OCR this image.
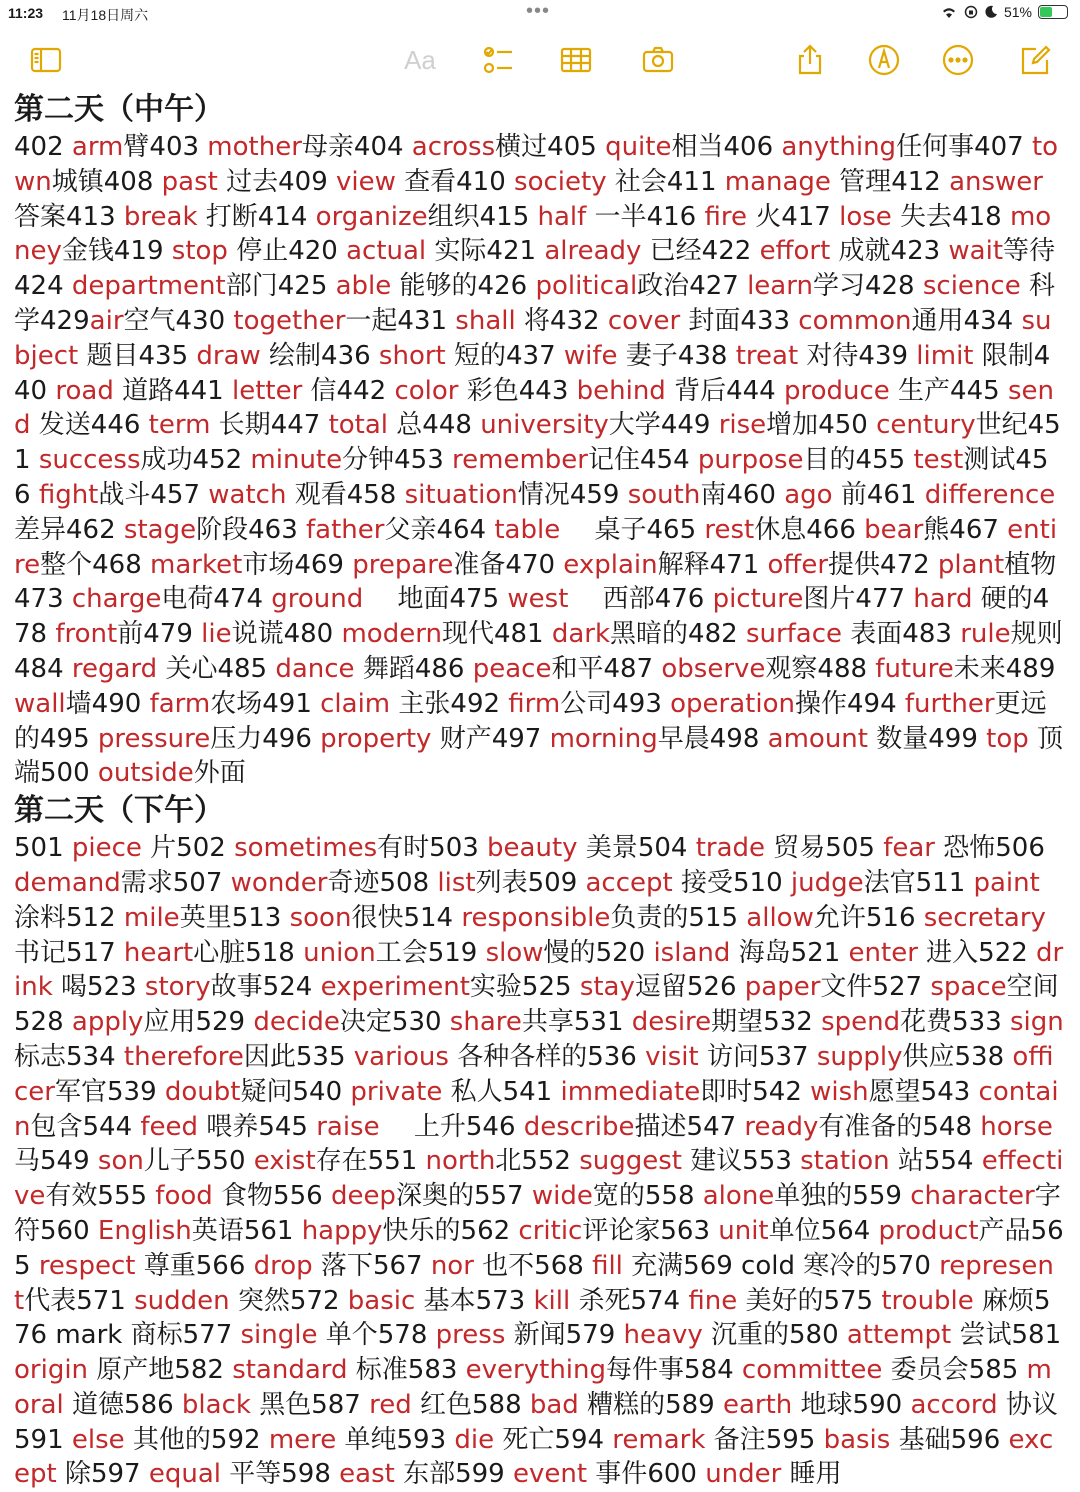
11:23 11月18日周六	•••	51%
Aa
第二天（中午）

402 arm臂403 mother母亲404 across横过405 quite相当406 anything任何事407 town城镇408 past 过去409 view 查看410 society 社会411 manage 管理412 answer 答案413 break 打断414 organize组织415 half 一半416 fire 火417 lose 失去418 money金钱419 stop 停止420 actual 实际421 already 已经422 effort 成就423 wait等待424 department部门425 able 能够的426 political政治427 learn学习428 science 科学429air空气430 together一起431 shall 将432 cover 封面433 common通用434 subject 题目435 draw 绘制436 short 短的437 wife 妻子438 treat 对待439 limit 限制440 road 道路441 letter 信442 color 彩色443 behind 背后444 produce 生产445 send 发送446 term 长期447 total 总448 university大学449 rise增加450 century世纪451 success成功452 minute分钟453 remember记住454 purpose目的455 test测试456 fight战斗457 watch 观看458 situation情况459 south南460 ago 前461 difference差异462 stage阶段463 father父亲464 table　 桌子465 rest休息466 bear熊467 entire整个468 market市场469 prepare准备470 explain解释471 offer提供472 plant植物473 charge电荷474 ground　 地面475 west　 西部476 picture图片477 hard 硬的478 front前479 lie说谎480 modern现代481 dark黑暗的482 surface 表面483 rule规则484 regard 关心485 dance 舞蹈486 peace和平487 observe观察488 future未来489 wall墙490 farm农场491 claim 主张492 firm公司493 operation操作494 further更远的495 pressure压力496 property 财产497 morning早晨498 amount 数量499 top 顶端500 outside外面

第二天（下午）

501 piece 片502 sometimes有时503 beauty 美景504 trade 贸易505 fear 恐怖506 demand需求507 wonder奇迹508 list列表509 accept 接受510 judge法官511 paint涂料512 mile英里513 soon很快514 responsible负责的515 allow允许516 secretary书记517 heart心脏518 union工会519 slow慢的520 island 海岛521 enter 进入522 drink 喝523 story故事524 experiment实验525 stay逗留526 paper文件527 space空间528 apply应用529 decide决定530 share共享531 desire期望532 spend花费533 sign标志534 therefore因此535 various 各种各样的536 visit 访问537 supply供应538 officer军官539 doubt疑问540 private 私人541 immediate即时542 wish愿望543 contain包含544 feed 喂养545 raise　 上升546 describe描述547 ready有准备的548 horse 马549 son儿子550 exist存在551 north北552 suggest 建议553 station 站554 effective有效555 food 食物556 deep深奥的557 wide宽的558 alone单独的559 character字符560 English英语561 happy快乐的562 critic评论家563 unit单位564 product产品565 respect 尊重566 drop 落下567 nor 也不568 fill 充满569 cold 寒冷的570 represent代表571 sudden 突然572 basic 基本573 kill 杀死574 fine 美好的575 trouble 麻烦576 mark 商标577 single 单个578 press 新闻579 heavy 沉重的580 attempt 尝试581 origin 原产地582 standard 标准583 everything每件事584 committee 委员会585 moral 道德586 black 黑色587 red 红色588 bad 糟糕的589 earth 地球590 accord 协议591 else 其他的592 mere 单纯593 die 死亡594 remark 备注595 basis 基础596 except 除597 equal 平等598 east 东部599 event 事件600 under 睡用
